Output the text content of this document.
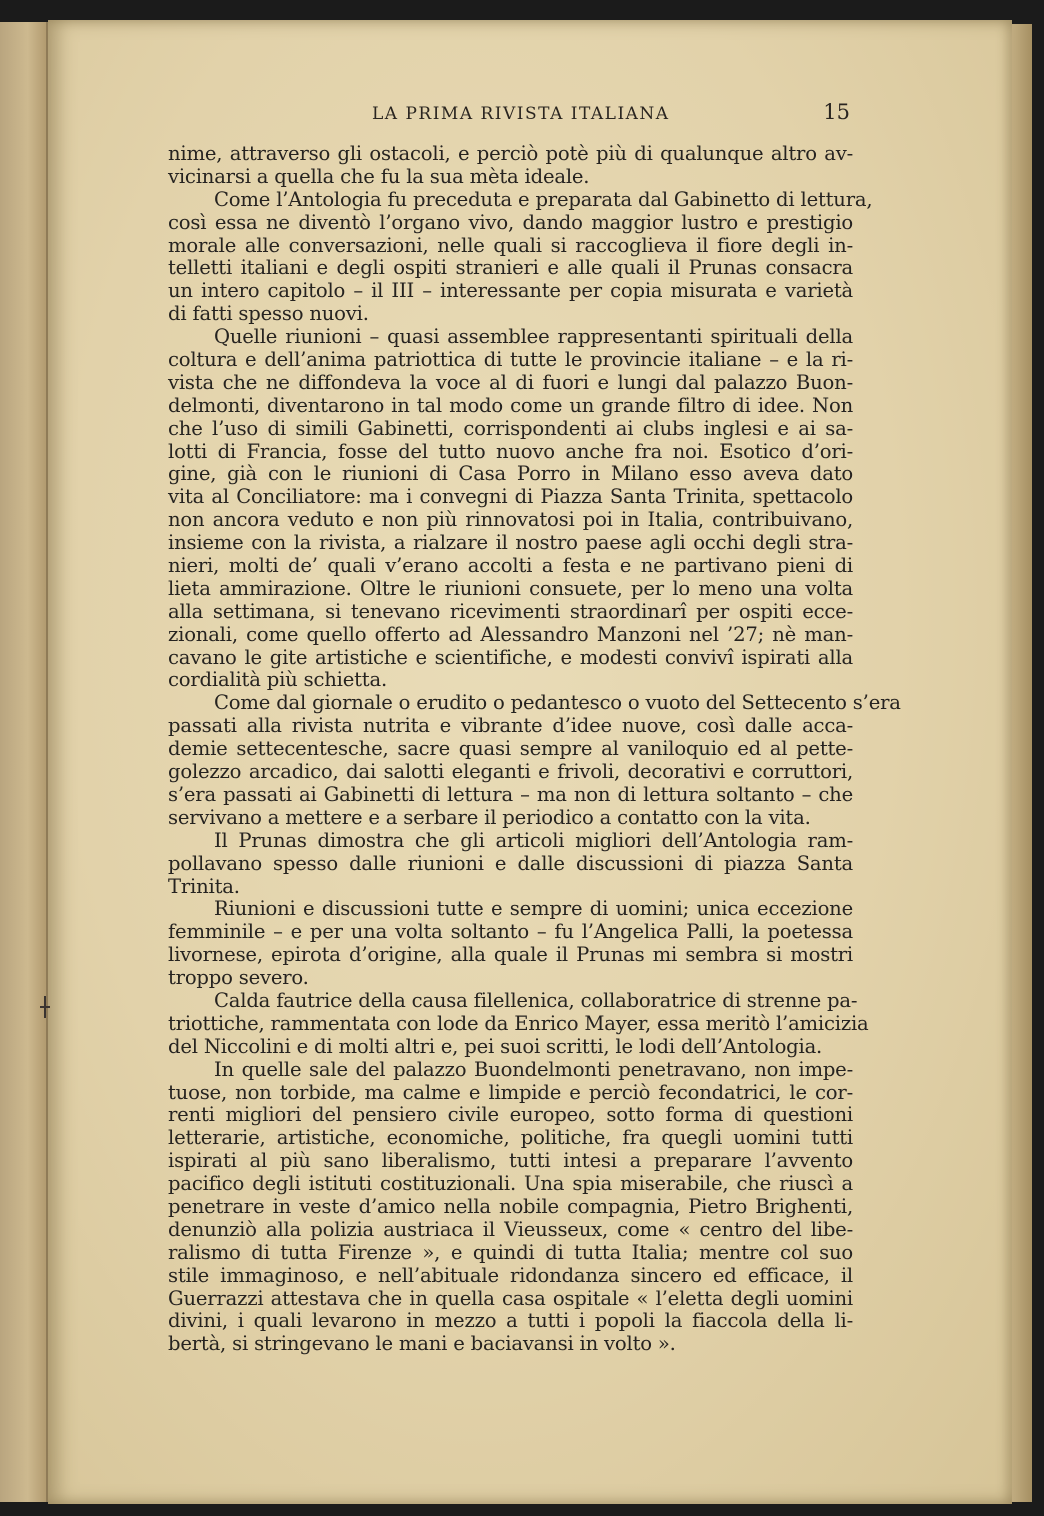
LA PRIMA RIVISTA ITALIANA	15
nime, attraverso gli ostacoli, e perciò potè più di qualunque altro av-
vicinarsi a quella che fu la sua mèta ideale.
Come l’Antologia fu preceduta e preparata dal Gabinetto di lettura,
così essa ne diventò l’organo vivo, dando maggior lustro e prestigio
morale alle conversazioni, nelle quali si raccoglieva il fiore degli in-
telletti italiani e degli ospiti stranieri e alle quali il Prunas consacra
un intero capitolo – il III – interessante per copia misurata e varietà
di fatti spesso nuovi.
Quelle riunioni – quasi assemblee rappresentanti spirituali della
coltura e dell’anima patriottica di tutte le provincie italiane – e la ri-
vista che ne diffondeva la voce al di fuori e lungi dal palazzo Buon-
delmonti, diventarono in tal modo come un grande filtro di idee. Non
che l’uso di simili Gabinetti, corrispondenti ai clubs inglesi e ai sa-
lotti di Francia, fosse del tutto nuovo anche fra noi. Esotico d’ori-
gine, già con le riunioni di Casa Porro in Milano esso aveva dato
vita al Conciliatore: ma i convegni di Piazza Santa Trinita, spettacolo
non ancora veduto e non più rinnovatosi poi in Italia, contribuivano,
insieme con la rivista, a rialzare il nostro paese agli occhi degli stra-
nieri, molti de’ quali v’erano accolti a festa e ne partivano pieni di
lieta ammirazione. Oltre le riunioni consuete, per lo meno una volta
alla settimana, si tenevano ricevimenti straordinarî per ospiti ecce-
zionali, come quello offerto ad Alessandro Manzoni nel ’27; nè man-
cavano le gite artistiche e scientifiche, e modesti convivî ispirati alla
cordialità più schietta.
Come dal giornale o erudito o pedantesco o vuoto del Settecento s’era
passati alla rivista nutrita e vibrante d’idee nuove, così dalle acca-
demie settecentesche, sacre quasi sempre al vaniloquio ed al pette-
golezzo arcadico, dai salotti eleganti e frivoli, decorativi e corruttori,
s’era passati ai Gabinetti di lettura – ma non di lettura soltanto – che
servivano a mettere e a serbare il periodico a contatto con la vita.
Il Prunas dimostra che gli articoli migliori dell’Antologia ram-
pollavano spesso dalle riunioni e dalle discussioni di piazza Santa
Trinita.
Riunioni e discussioni tutte e sempre di uomini; unica eccezione
femminile – e per una volta soltanto – fu l’Angelica Palli, la poetessa
livornese, epirota d’origine, alla quale il Prunas mi sembra si mostri
troppo severo.
Calda fautrice della causa filellenica, collaboratrice di strenne pa-
triottiche, rammentata con lode da Enrico Mayer, essa meritò l’amicizia
del Niccolini e di molti altri e, pei suoi scritti, le lodi dell’Antologia.
In quelle sale del palazzo Buondelmonti penetravano, non impe-
tuose, non torbide, ma calme e limpide e perciò fecondatrici, le cor-
renti migliori del pensiero civile europeo, sotto forma di questioni
letterarie, artistiche, economiche, politiche, fra quegli uomini tutti
ispirati al più sano liberalismo, tutti intesi a preparare l’avvento
pacifico degli istituti costituzionali. Una spia miserabile, che riuscì a
penetrare in veste d’amico nella nobile compagnia, Pietro Brighenti,
denunziò alla polizia austriaca il Vieusseux, come « centro del libe-
ralismo di tutta Firenze », e quindi di tutta Italia; mentre col suo
stile immaginoso, e nell’abituale ridondanza sincero ed efficace, il
Guerrazzi attestava che in quella casa ospitale « l’eletta degli uomini
divini, i quali levarono in mezzo a tutti i popoli la fiaccola della li-
bertà, si stringevano le mani e baciavansi in volto ».
